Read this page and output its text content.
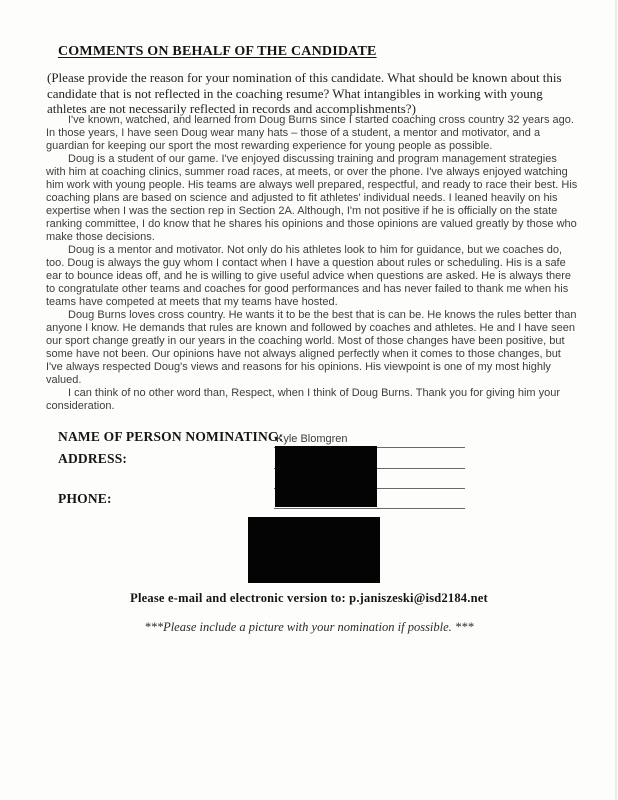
COMMENTS ON BEHALF OF THE CANDIDATE
(Please provide the reason for your nomination of this candidate. What should be known about this candidate that is not reflected in the coaching resume? What intangibles in working with young athletes are not necessarily reflected in records and accomplishments?)

I've known, watched, and learned from Doug Burns since I started coaching cross country 32 years ago. In those years, I have seen Doug wear many hats – those of a student, a mentor and motivator, and a guardian for keeping our sport the most rewarding experience for young people as possible.

Doug is a student of our game. I've enjoyed discussing training and program management strategies with him at coaching clinics, summer road races, at meets, or over the phone. I've always enjoyed watching him work with young people. His teams are always well prepared, respectful, and ready to race their best. His coaching plans are based on science and adjusted to fit athletes' individual needs. I leaned heavily on his expertise when I was the section rep in Section 2A. Although, I'm not positive if he is officially on the state ranking committee, I do know that he shares his opinions and those opinions are valued greatly by those who make those decisions.

Doug is a mentor and motivator. Not only do his athletes look to him for guidance, but we coaches do, too. Doug is always the guy whom I contact when I have a question about rules or scheduling. His is a safe ear to bounce ideas off, and he is willing to give useful advice when questions are asked. He is always there to congratulate other teams and coaches for good performances and has never failed to thank me when his teams have competed at meets that my teams have hosted.

Doug Burns loves cross country. He wants it to be the best that is can be. He knows the rules better than anyone I know. He demands that rules are known and followed by coaches and athletes. He and I have seen our sport change greatly in our years in the coaching world. Most of those changes have been positive, but some have not been. Our opinions have not always aligned perfectly when it comes to those changes, but I've always respected Doug's views and reasons for his opinions. His viewpoint is one of my most highly valued.

I can think of no other word than, Respect, when I think of Doug Burns. Thank you for giving him your consideration.

NAME OF PERSON NOMINATING:
Kyle Blomgren
ADDRESS:
PHONE:
Please e-mail and electronic version to: p.janiszeski@isd2184.net
***Please include a picture with your nomination if possible. ***
